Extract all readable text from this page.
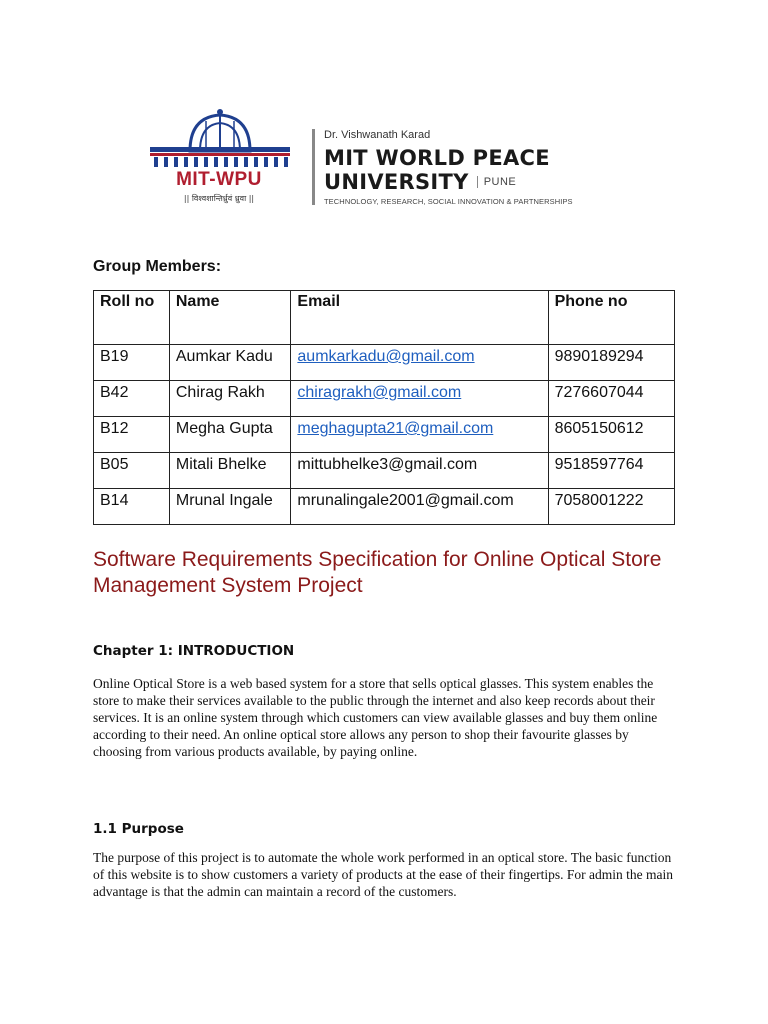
MIT-WPU
|| विश्वशान्तिर्ध्रुवं ध्रुवा ||
Dr. Vishwanath Karad
MIT WORLD PEACE
UNIVERSITY	PUNE
TECHNOLOGY, RESEARCH, SOCIAL INNOVATION & PARTNERSHIPS
Group Members:
Roll no	Name	Email	Phone no
B19	Aumkar Kadu	aumkarkadu@gmail.com	9890189294
B42	Chirag Rakh	chiragrakh@gmail.com	7276607044
B12	Megha Gupta	meghagupta21@gmail.com	8605150612
B05	Mitali Bhelke	mittubhelke3@gmail.com	9518597764
B14	Mrunal Ingale	mrunalingale2001@gmail.com	7058001222
Software Requirements Specification for Online Optical Store Management System Project
Chapter 1: INTRODUCTION
Online Optical Store is a web based system for a store that sells optical glasses. This system enables the store to make their services available to the public through the internet and also keep records about their services. It is an online system through which customers can view available glasses and buy them online according to their need. An online optical store allows any person to shop their favourite glasses by choosing from various products available, by paying online.
1.1 Purpose
The purpose of this project is to automate the whole work performed in an optical store. The basic function of this website is to show customers a variety of products at the ease of their fingertips. For admin the main advantage is that the admin can maintain a record of the customers.
